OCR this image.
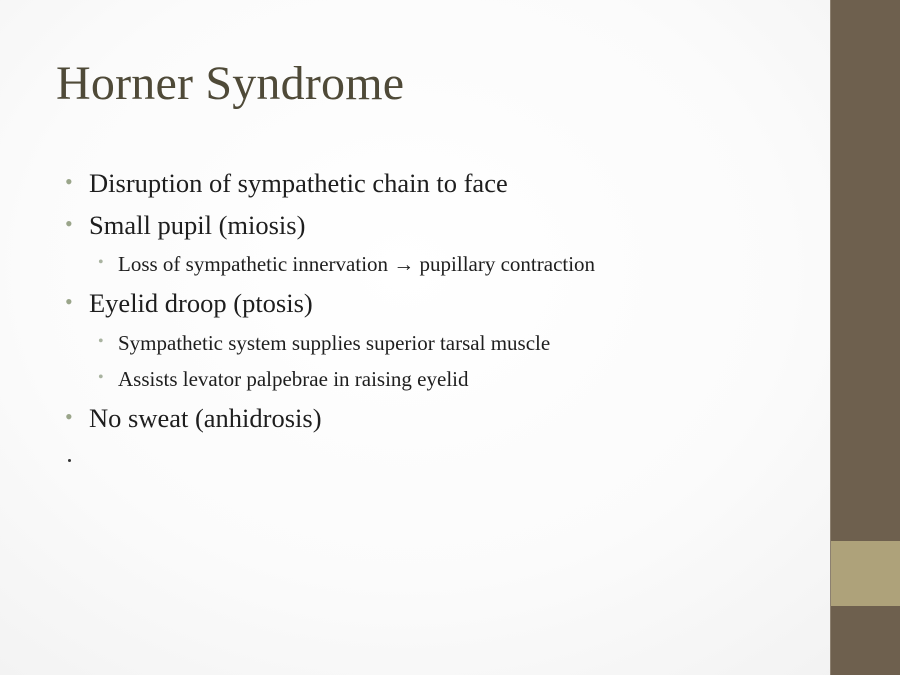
Horner Syndrome
• Disruption of sympathetic chain to face
• Small pupil (miosis)
• Loss of sympathetic innervation → pupillary contraction
• Eyelid droop (ptosis)
• Sympathetic system supplies superior tarsal muscle
• Assists levator palpebrae in raising eyelid
• No sweat (anhidrosis)
